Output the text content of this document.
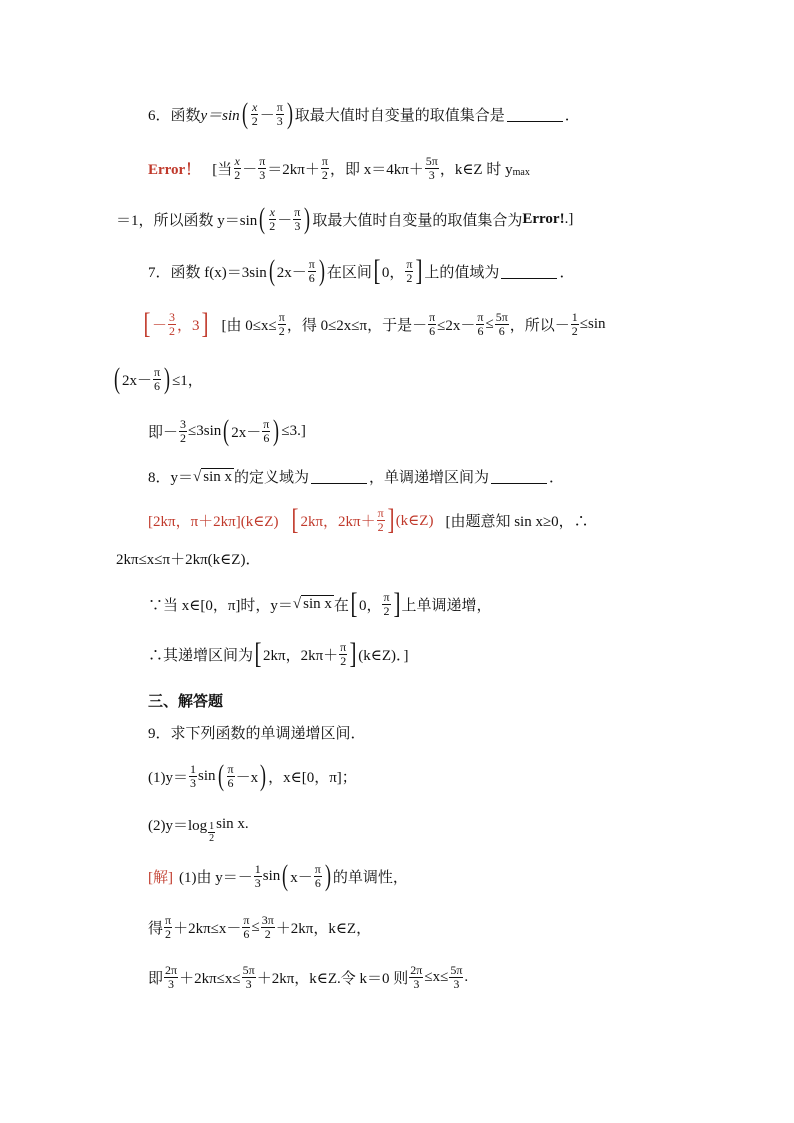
6．函数 y＝sin ( $\frac{x}{2} - \frac{\pi}{3}$ ) 取最大值时自变量的取值集合是	．
Error！ [当 $\frac{x}{2} - \frac{\pi}{3} =2k\pi+ \frac{\pi}{2}$ ，即 $x=4k\pi+ \frac{5\pi}{3}$ ，k∈Z 时 y max
＝1，所以函数 y＝sin ( $\frac{x}{2} - \frac{\pi}{3}$ ) 取最大值时自变量的取值集合为 Error! .]
7．函数 f(x)＝3sin ( $2x- \frac{\pi}{6}$ ) 在区间 [ 0， $\frac{\pi}{2}$ ] 上的值域为	．
[ － $\frac{3}{2}$ ，3 ] [由 $0\le x\le \frac{\pi}{2}$ ，得 0≤2x≤π，于是－ $\frac{\pi}{6} \le 2x- \frac{\pi}{6} \le \frac{5\pi}{6}$ ，所以－ $\frac{1}{2} \le\sin$
( $2x- \frac{\pi}{6}$ ) ≤1，
即－ $\frac{3}{2} \le 3\sin$ ( $2x- \frac{\pi}{6}$ ) ≤3.]
8．y＝ √ sin x 的定义域为	，单调递增区间为	．
[2kπ，π＋2kπ](k∈Z) [ 2kπ，$2k\pi+ \frac{\pi}{2}$ ] (k∈Z) [由题意知 sin x≥0，∴
2kπ≤x≤π＋2kπ(k∈Z)．
∵当 x∈[0，π]时，y＝ √ sin x 在 [ 0， $\frac{\pi}{2}$ ] 上单调递增，
∴其递增区间为 [ 2kπ，$2k\pi+ \frac{\pi}{2}$ ] (k∈Z)．]
三、解答题
9．求下列函数的单调递增区间．
$(1)y= \frac{1}{3}$ sin ( $\frac{\pi}{6} -x$ ) ，x∈[0，π]；
$(2)y=\log \frac{1}{2}$ sin x.
[解] (1)由 $y=- \frac{1}{3}$ sin ( $x- \frac{\pi}{6}$ ) 的单调性，
得 $\frac{\pi}{2} +2k\pi\le x- \frac{\pi}{6} \le \frac{3\pi}{2} +2k\pi$，k∈Z，
即 $\frac{2\pi}{3} +2k\pi\le x\le \frac{5\pi}{3} +2k\pi$，k∈Z.令 k＝0 则 $\frac{2\pi}{3} \le x\le \frac{5\pi}{3}$ .
